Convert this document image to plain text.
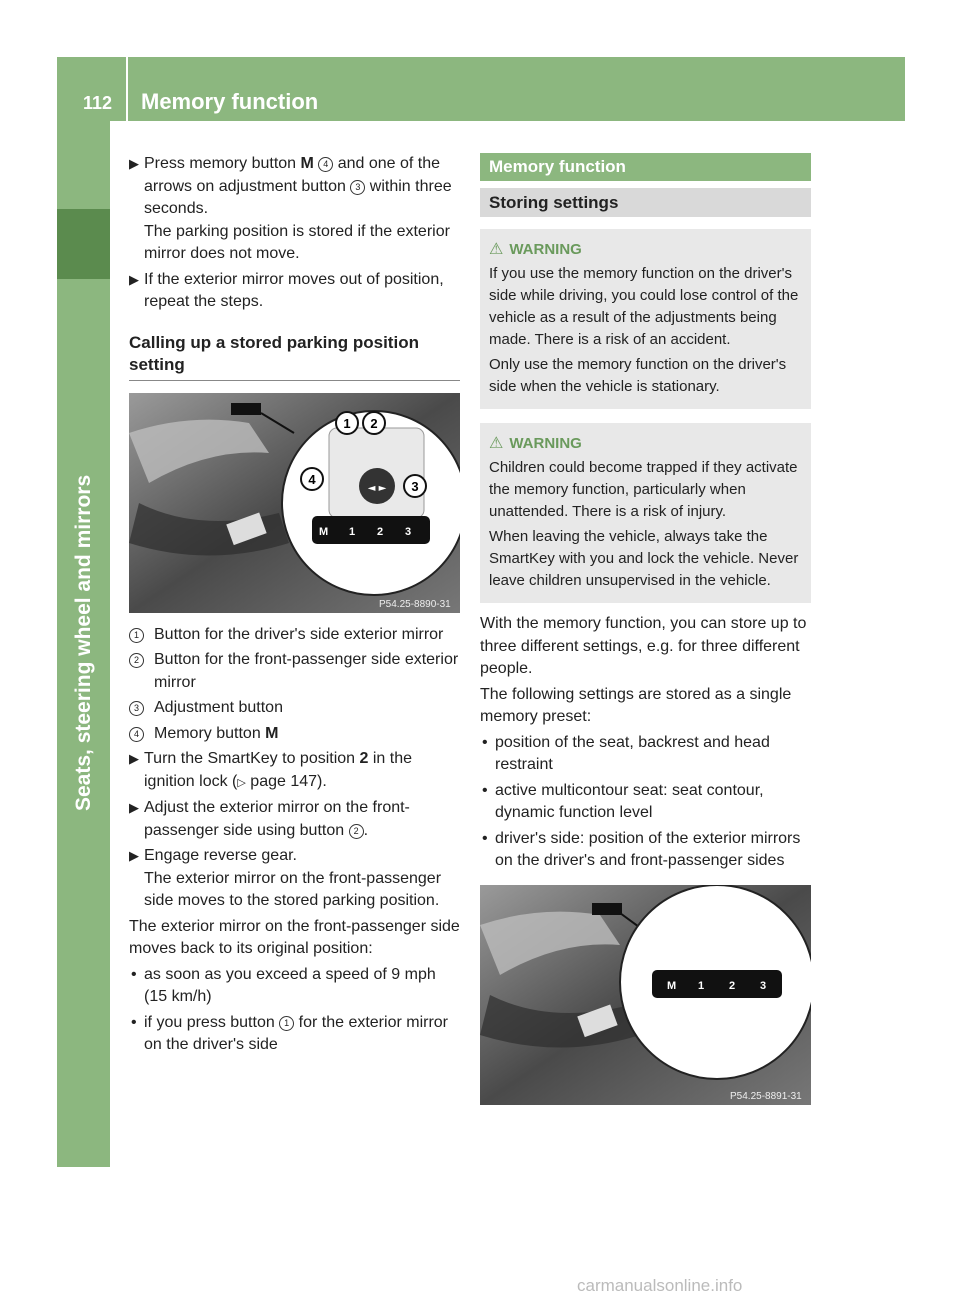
112 Memory function
Seats, steering wheel and mirrors
▶ Press memory button M 4 and one of the arrows on adjustment button 3 within three seconds.
The parking position is stored if the exterior mirror does not move.
▶ If the exterior mirror moves out of position, repeat the steps.
Calling up a stored parking position setting
◄ ►
M 1 2 3
1 2
3
4
P54.25-8890-31
1 Button for the driver's side exterior mirror
2 Button for the front-passenger side exterior mirror
3 Adjustment button
4 Memory button M
▶ Turn the SmartKey to position 2 in the ignition lock (▷ page 147).
▶ Adjust the exterior mirror on the front-passenger side using button 2 .
▶ Engage reverse gear.
The exterior mirror on the front-passenger side moves to the stored parking position.
The exterior mirror on the front-passenger side moves back to its original position:
• as soon as you exceed a speed of 9 mph (15 km/h)
• if you press button 1 for the exterior mirror on the driver's side
Memory function
Storing settings
⚠ WARNING

If you use the memory function on the driver's side while driving, you could lose control of the vehicle as a result of the adjustments being made. There is a risk of an accident.

Only use the memory function on the driver's side when the vehicle is stationary.

⚠ WARNING

Children could become trapped if they activate the memory function, particularly when unattended. There is a risk of injury.

When leaving the vehicle, always take the SmartKey with you and lock the vehicle. Never leave children unsupervised in the vehicle.

With the memory function, you can store up to three different settings, e.g. for three different people.
The following settings are stored as a single memory preset:
• position of the seat, backrest and head restraint
• active multicontour seat: seat contour, dynamic function level
• driver's side: position of the exterior mirrors on the driver's and front-passenger sides
M 1 2 3
P54.25-8891-31
carmanualsonline.info
